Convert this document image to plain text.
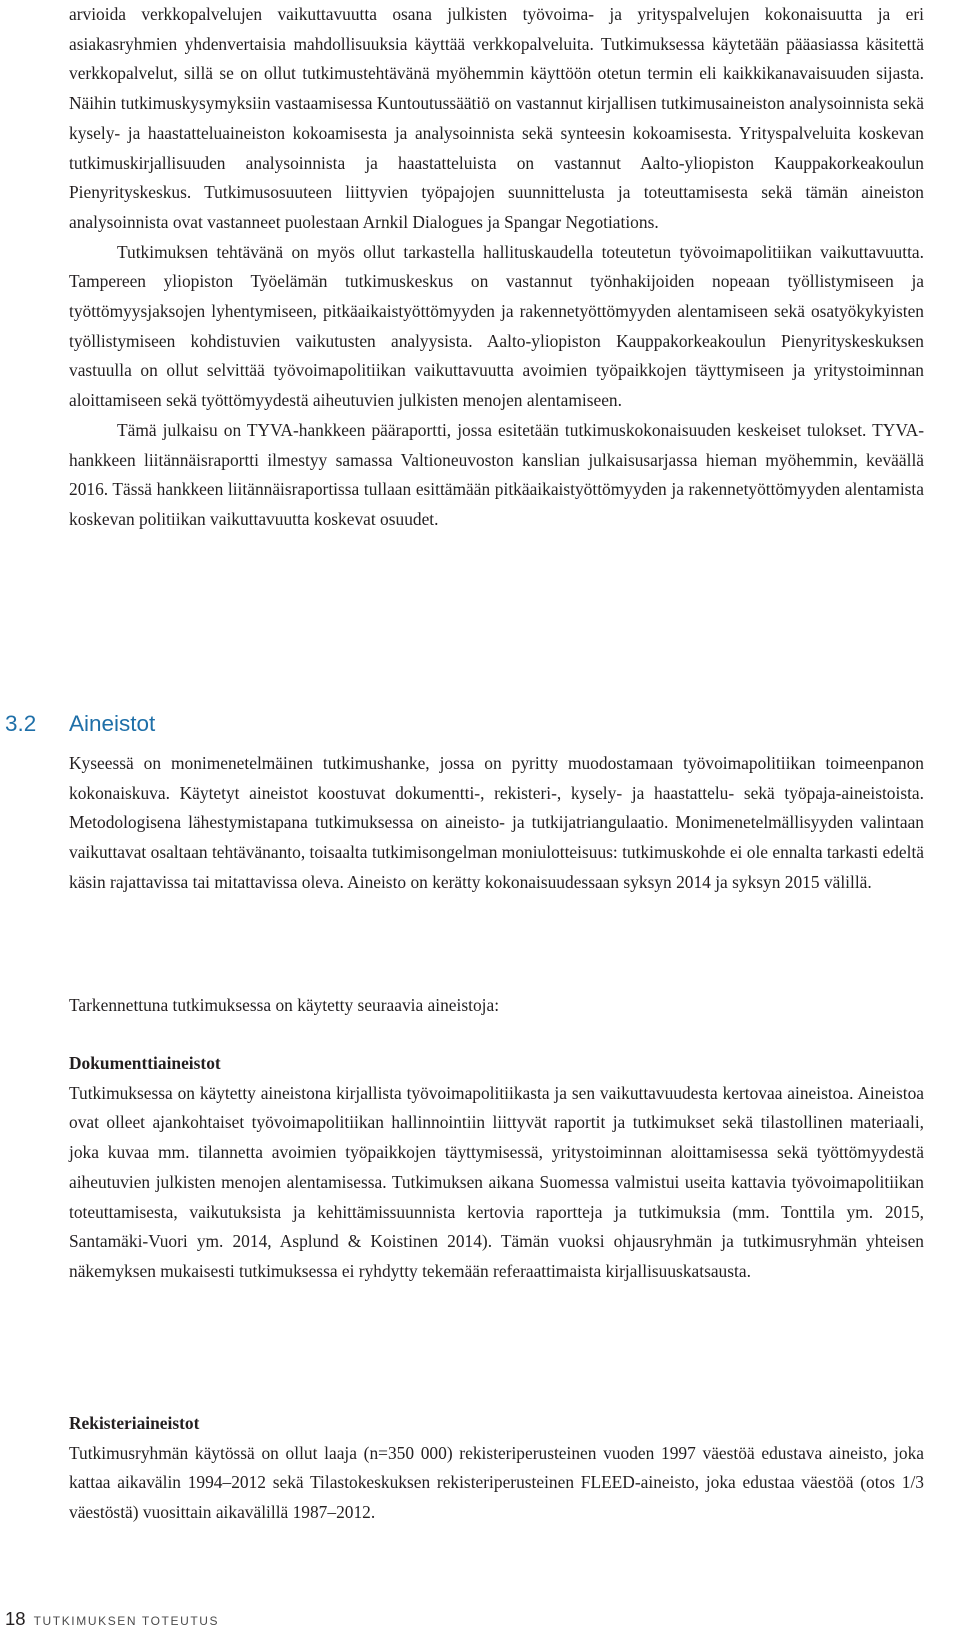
arvioida verkkopalvelujen vaikuttavuutta osana julkisten työvoima- ja yrityspalvelujen kokonaisuutta ja eri asiakasryhmien yhdenvertaisia mahdollisuuksia käyttää verkkopalveluita. Tutkimuksessa käytetään pääasiassa käsitettä verkkopalvelut, sillä se on ollut tutkimustehtävänä myöhemmin käyttöön otetun termin eli kaikkikanavaisuuden sijasta. Näihin tutkimuskysymyksiin vastaamisessa Kuntoutussäätiö on vastannut kirjallisen tutkimusaineiston analysoinnista sekä kysely- ja haastatteluaineiston kokoamisesta ja analysoinnista sekä synteesin kokoamisesta. Yrityspalveluita koskevan tutkimuskirjallisuuden analysoinnista ja haastatteluista on vastannut Aalto-yliopiston Kauppakorkeakoulun Pienyrityskeskus. Tutkimusosuuteen liittyvien työpajojen suunnittelusta ja toteuttamisesta sekä tämän aineiston analysoinnista ovat vastanneet puolestaan Arnkil Dialogues ja Spangar Negotiations.

Tutkimuksen tehtävänä on myös ollut tarkastella hallituskaudella toteutetun työvoimapolitiikan vaikuttavuutta. Tampereen yliopiston Työelämän tutkimuskeskus on vastannut työnhakijoiden nopeaan työllistymiseen ja työttömyysjaksojen lyhentymiseen, pitkäaikaistyöttömyyden ja rakennetyöttömyyden alentamiseen sekä osatyökykyisten työllistymiseen kohdistuvien vaikutusten analyysista. Aalto-yliopiston Kauppakorkeakoulun Pienyrityskeskuksen vastuulla on ollut selvittää työvoimapolitiikan vaikuttavuutta avoimien työpaikkojen täyttymiseen ja yritystoiminnan aloittamiseen sekä työttömyydestä aiheutuvien julkisten menojen alentamiseen.

Tämä julkaisu on TYVA-hankkeen pääraportti, jossa esitetään tutkimuskokonaisuuden keskeiset tulokset. TYVA-hankkeen liitännäisraportti ilmestyy samassa Valtioneuvoston kanslian julkaisusarjassa hieman myöhemmin, keväällä 2016. Tässä hankkeen liitännäisraportissa tullaan esittämään pitkäaikaistyöttömyyden ja rakennetyöttömyyden alentamista koskevan politiikan vaikuttavuutta koskevat osuudet.

3.2	Aineistot

Kyseessä on monimenetelmäinen tutkimushanke, jossa on pyritty muodostamaan työvoimapolitiikan toimeenpanon kokonaiskuva. Käytetyt aineistot koostuvat dokumentti-, rekisteri-, kysely- ja haastattelu- sekä työpaja-aineistoista. Metodologisena lähestymistapana tutkimuksessa on aineisto- ja tutkijatriangulaatio. Monimenetelmällisyyden valintaan vaikuttavat osaltaan tehtävänanto, toisaalta tutkimisongelman moniulotteisuus: tutkimuskohde ei ole ennalta tarkasti edeltä käsin rajattavissa tai mitattavissa oleva. Aineisto on kerätty kokonaisuudessaan syksyn 2014 ja syksyn 2015 välillä.

Tarkennettuna tutkimuksessa on käytetty seuraavia aineistoja:

Dokumenttiaineistot

Tutkimuksessa on käytetty aineistona kirjallista työvoimapolitiikasta ja sen vaikuttavuudesta kertovaa aineistoa. Aineistoa ovat olleet ajankohtaiset työvoimapolitiikan hallinnointiin liittyvät raportit ja tutkimukset sekä tilastollinen materiaali, joka kuvaa mm. tilannetta avoimien työpaikkojen täyttymisessä, yritystoiminnan aloittamisessa sekä työttömyydestä aiheutuvien julkisten menojen alentamisessa. Tutkimuksen aikana Suomessa valmistui useita kattavia työvoimapolitiikan toteuttamisesta, vaikutuksista ja kehittämissuunnista kertovia raportteja ja tutkimuksia (mm. Tonttila ym. 2015, Santamäki-Vuori ym. 2014, Asplund & Koistinen 2014). Tämän vuoksi ohjausryhmän ja tutkimusryhmän yhteisen näkemyksen mukaisesti tutkimuksessa ei ryhdytty tekemään referaattimaista kirjallisuuskatsausta.

Rekisteriaineistot

Tutkimusryhmän käytössä on ollut laaja (n=350 000) rekisteriperusteinen vuoden 1997 väestöä edustava aineisto, joka kattaa aikavälin 1994–2012 sekä Tilastokeskuksen rekisteriperusteinen FLEED-aineisto, joka edustaa väestöä (otos 1/3 väestöstä) vuosittain aikavälillä 1987–2012.

18 TUTKIMUKSEN TOTEUTUS
